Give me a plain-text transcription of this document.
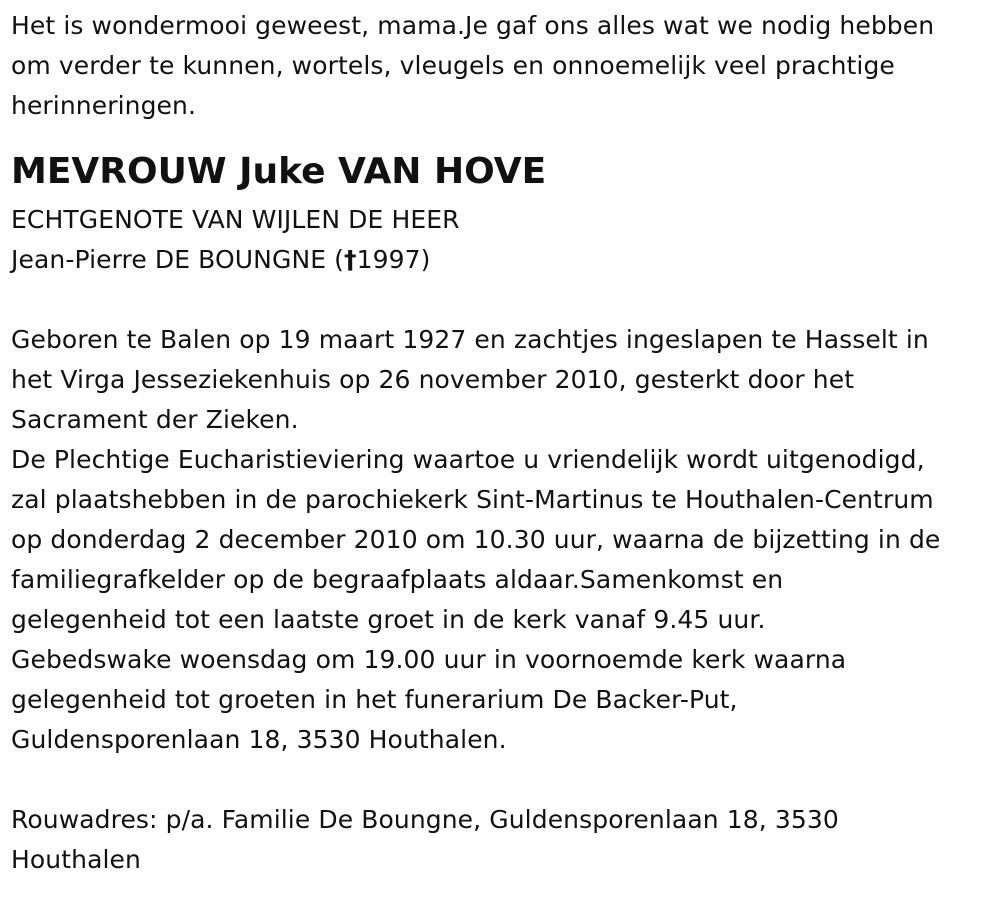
Het is wondermooi geweest, mama.Je gaf ons alles wat we nodig hebben
om verder te kunnen, wortels, vleugels en onnoemelijk veel prachtige
herinneringen.
MEVROUW Juke VAN HOVE
ECHTGENOTE VAN WIJLEN DE HEER
Jean-Pierre DE BOUNGNE (†1997)
Geboren te Balen op 19 maart 1927 en zachtjes ingeslapen te Hasselt in
het Virga Jesseziekenhuis op 26 november 2010, gesterkt door het
Sacrament der Zieken.
De Plechtige Eucharistieviering waartoe u vriendelijk wordt uitgenodigd,
zal plaatshebben in de parochiekerk Sint-Martinus te Houthalen-Centrum
op donderdag 2 december 2010 om 10.30 uur, waarna de bijzetting in de
familiegrafkelder op de begraafplaats aldaar.Samenkomst en
gelegenheid tot een laatste groet in de kerk vanaf 9.45 uur.
Gebedswake woensdag om 19.00 uur in voornoemde kerk waarna
gelegenheid tot groeten in het funerarium De Backer-Put,
Guldensporenlaan 18, 3530 Houthalen.
Rouwadres: p/a. Familie De Boungne, Guldensporenlaan 18, 3530
Houthalen
